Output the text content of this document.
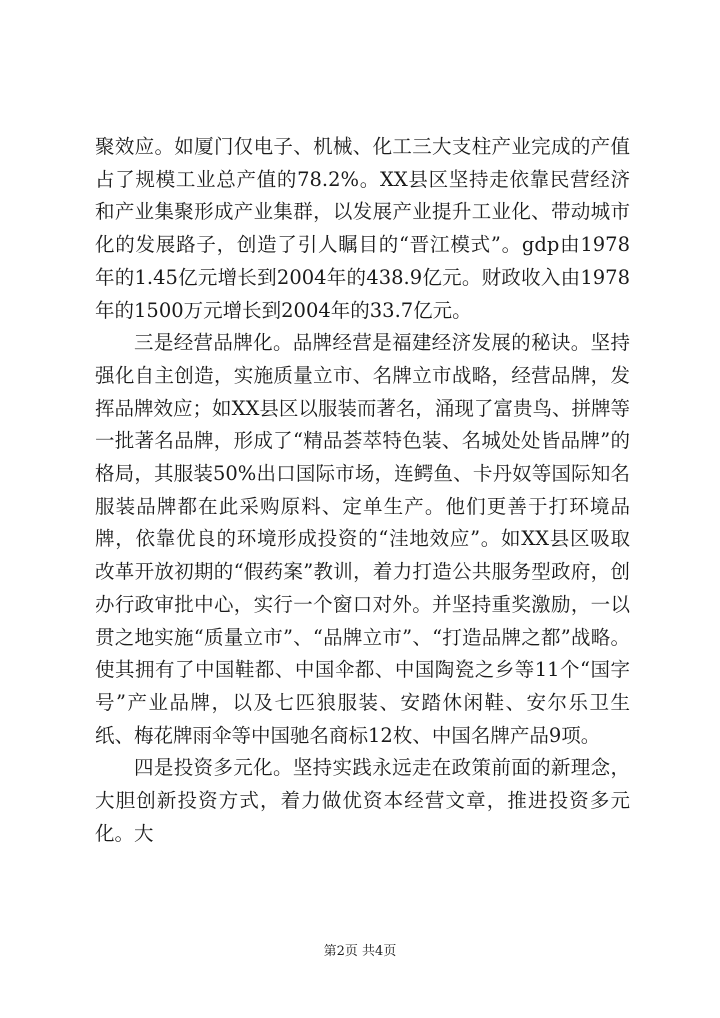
聚效应。如厦门仅电子、机械、化工三大支柱产业完成的产值占了规模工业总产值的78.2%。XX县区坚持走依靠民营经济和产业集聚形成产业集群，以发展产业提升工业化、带动城市化的发展路子，创造了引人瞩目的“晋江模式”。gdp由1978年的1.45亿元增长到2004年的438.9亿元。财政收入由1978年的1500万元增长到2004年的33.7亿元。

三是经营品牌化。品牌经营是福建经济发展的秘诀。坚持强化自主创造，实施质量立市、名牌立市战略，经营品牌，发挥品牌效应；如XX县区以服装而著名，涌现了富贵鸟、拼牌等一批著名品牌，形成了“精品荟萃特色装、名城处处皆品牌”的格局，其服装50%出口国际市场，连鳄鱼、卡丹奴等国际知名服装品牌都在此采购原料、定单生产。他们更善于打环境品牌，依靠优良的环境形成投资的“洼地效应”。如XX县区吸取改革开放初期的“假药案”教训，着力打造公共服务型政府，创办行政审批中心，实行一个窗口对外。并坚持重奖激励，一以贯之地实施“质量立市”、“品牌立市”、“打造品牌之都”战略。使其拥有了中国鞋都、中国伞都、中国陶瓷之乡等11个“国字号”产业品牌，以及七匹狼服装、安踏休闲鞋、安尔乐卫生纸、梅花牌雨伞等中国驰名商标12枚、中国名牌产品9项。

四是投资多元化。坚持实践永远走在政策前面的新理念，大胆创新投资方式，着力做优资本经营文章，推进投资多元化。大

第2页 共4页
